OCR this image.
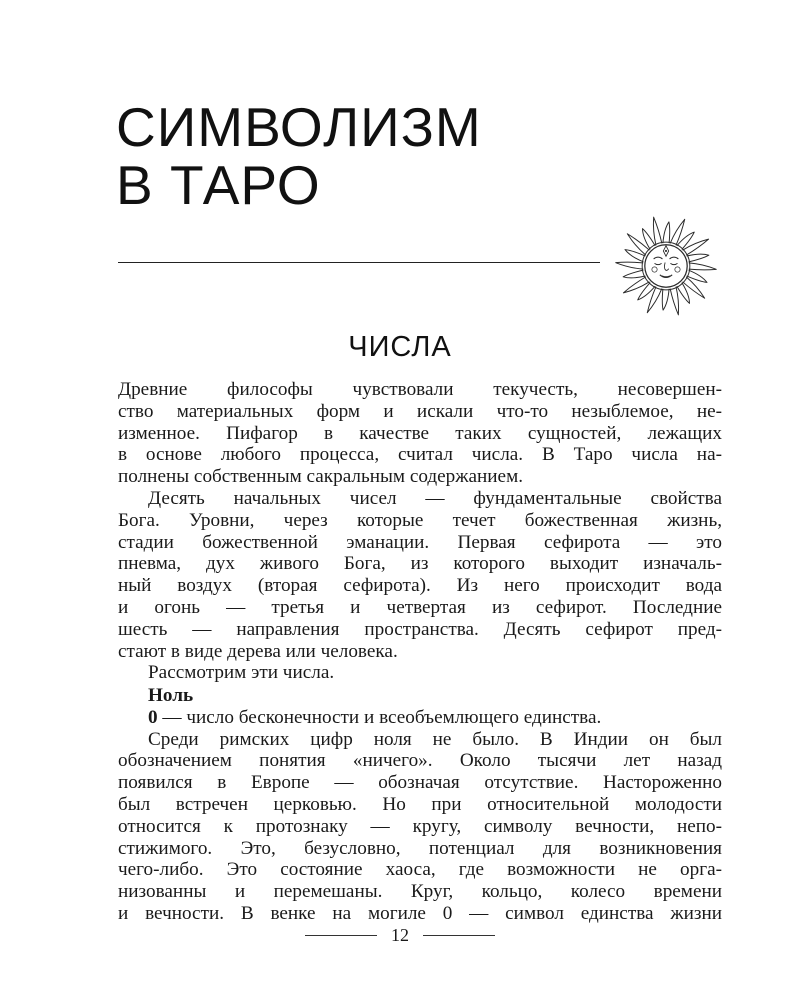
СИМВОЛИЗМ
В ТАРО
ЧИСЛА
Древние философы чувствовали текучесть, несовершен-
ство материальных форм и искали что-то незыблемое, не-
изменное. Пифагор в качестве таких сущностей, лежащих
в основе любого процесса, считал числа. В Таро числа на-
полнены собственным сакральным содержанием.
Десять начальных чисел — фундаментальные свойства
Бога. Уровни, через которые течет божественная жизнь,
стадии божественной эманации. Первая сефирота — это
пневма, дух живого Бога, из которого выходит изначаль-
ный воздух (вторая сефирота). Из него происходит вода
и огонь — третья и четвертая из сефирот. Последние
шесть — направления пространства. Десять сефирот пред-
стают в виде дерева или человека.
Рассмотрим эти числа.
Ноль
0 — число бесконечности и всеобъемлющего единства.
Среди римских цифр ноля не было. В Индии он был
обозначением понятия «ничего». Около тысячи лет назад
появился в Европе — обозначая отсутствие. Настороженно
был встречен церковью. Но при относительной молодости
относится к протознаку — кругу, символу вечности, непо-
стижимого. Это, безусловно, потенциал для возникновения
чего-либо. Это состояние хаоса, где возможности не орга-
низованны и перемешаны. Круг, кольцо, колесо времени
и вечности. В венке на могиле 0 — символ единства жизни
12
